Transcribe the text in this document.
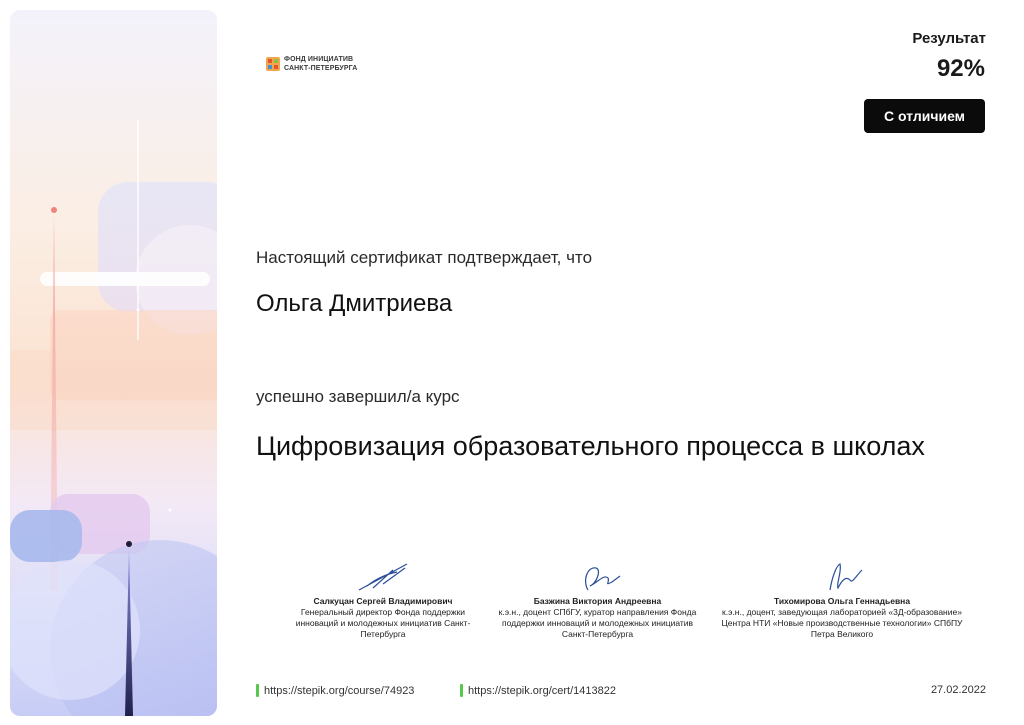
ФОНД ИНИЦИАТИВ
САНКТ-ПЕТЕРБУРГА
Результат
92%
С отличием
Настоящий сертификат подтверждает, что
Ольга Дмитриева
успешно завершил/а курс
Цифровизация образовательного процесса в школах
Салкуцан Сергей Владимирович
Генеральный директор Фонда поддержки инноваций и молодежных инициатив Санкт-Петербурга
Базжина Виктория Андреевна
к.э.н., доцент СПбГУ, куратор направления Фонда поддержки инноваций и молодежных инициатив Санкт-Петербурга
Тихомирова Ольга Геннадьевна
к.э.н., доцент, заведующая лабораторией «3Д-образование» Центра НТИ «Новые производственные технологии» СПбПУ Петра Великого
https://stepik.org/course/74923	https://stepik.org/cert/1413822	27.02.2022
